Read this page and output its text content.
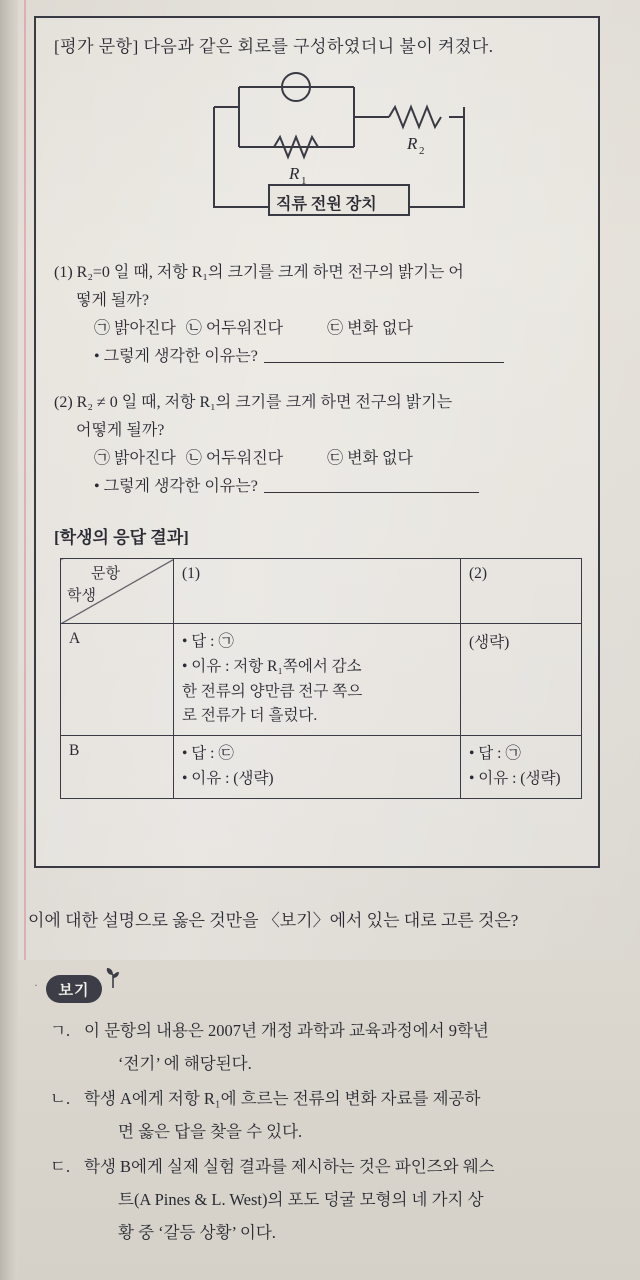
[평가 문항] 다음과 같은 회로를 구성하였더니 불이 켜졌다.
R 1
R 2
직류 전원 장치
(1) R₂=0 일 때, 저항 R₁의 크기를 크게 하면 전구의 밝기는 어
떻게 될까?
㉠ 밝아진다 ㉡ 어두워진다	㉢ 변화 없다
• 그렇게 생각한 이유는?
(2) R₂ ≠ 0 일 때, 저항 R₁의 크기를 크게 하면 전구의 밝기는
어떻게 될까?
㉠ 밝아진다 ㉡ 어두워진다	㉢ 변화 없다
• 그렇게 생각한 이유는?
[학생의 응답 결과]
문항
학생	(1)	(2)
A	• 답 : ㉠
• 이유 : 저항 R₁쪽에서 감소
한 전류의 양만큼 전구 쪽으
로 전류가 더 흘렀다.	(생략)
B	• 답 : ㉢
• 이유 : (생략)	• 답 : ㉠
• 이유 : (생략)
이에 대한 설명으로 옳은 것만을 〈보기〉에서 있는 대로 고른 것은?
·	보기
ㄱ. 이 문항의 내용은 2007년 개정 과학과 교육과정에서 9학년
‘전기’ 에 해당된다.
ㄴ. 학생 A에게 저항 R₁에 흐르는 전류의 변화 자료를 제공하
면 옳은 답을 찾을 수 있다.
ㄷ. 학생 B에게 실제 실험 결과를 제시하는 것은 파인즈와 웨스
트(A Pines & L. West)의 포도 덩굴 모형의 네 가지 상
황 중 ‘갈등 상황’ 이다.
